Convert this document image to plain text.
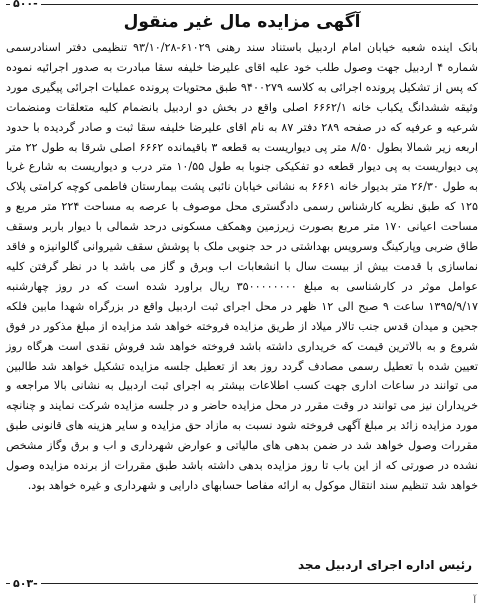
-۵۰۰
آگهی مزایده مال غیر منقول

بانک اینده شعبه خیابان امام اردبیل باستناد سند رهنی ۶۱۰۲۹-۹۳/۱۰/۲۸ تنظیمی دفتر اسنادرسمی شماره ۴ اردبیل جهت وصول طلب خود علیه اقای علیرضا خلیفه سقا مبادرت به صدور اجرائیه نموده که پس از تشکیل پرونده اجرائی به کلاسه ۹۴۰۰۲۷۹ طبق محتویات پرونده عملیات اجرائی پیگیری مورد وثیقه ششدانگ یکباب خانه ۶۶۶۲/۱ اصلی واقع در بخش دو اردبیل بانضمام کلیه متعلقات ومنضمات شرعیه و عرفیه که در صفحه ۲۸۹ دفتر ۸۷ به نام اقای علیرضا خلیفه سقا ثبت و صادر گردیده با حدود اربعه زیر شمالا بطول ۸/۵۰ متر پی دیواریست به قطعه ۳ باقیمانده ۶۶۶۲ اصلی شرقا به طول ۲۲ متر پی دیواریست به پی دیوار قطعه دو تفکیکی جنوبا به طول ۱۰/۵۵ متر درب و دیواریست به شارع غربا به طول ۲۶/۳۰ متر بدیوار خانه ۶۶۶۱ به نشانی خیابان نائبی پشت بیمارستان فاطمی کوچه کرامتی پلاک ۱۲۵ که طبق نظریه کارشناس رسمی دادگستری محل موصوف با عرصه به مساحت ۲۲۴ متر مربع و مساحت اعیانی ۱۷۰ متر مربع بصورت زیرزمین وهمکف مسکونی درحد شمالی با دیوار باربر وسقف طاق ضربی وپارکینگ وسرویس بهداشتی در حد جنوبی ملک با پوشش سقف شیروانی گالوانیزه و فاقد نماسازی با قدمت بیش از بیست سال با انشعابات اب وبرق و گاز می باشد با در نظر گرفتن کلیه عوامل موثر در کارشناسی به مبلغ ۳۵۰۰۰۰۰۰۰۰ ریال براورد شده است که در روز چهارشنبه ۱۳۹۵/۹/۱۷ ساعت ۹ صبح الی ۱۲ ظهر در محل اجرای ثبت اردبیل واقع در بزرگراه شهدا مابین فلکه جحین و میدان قدس جنب تالار میلاد از طریق مزایده فروخته خواهد شد مزایده از مبلغ مذکور در فوق شروع و به بالاترین قیمت که خریداری داشته باشد فروخته خواهد شد فروش نقدی است هرگاه روز تعیین شده با تعطیل رسمی مصادف گردد روز بعد از تعطیل جلسه مزایده تشکیل خواهد شد طالبین می توانند در ساعات اداری جهت کسب اطلاعات بیشتر به اجرای ثبت اردبیل به نشانی بالا مراجعه و خریداران نیز می توانند در وقت مقرر در محل مزایده حاضر و در جلسه مزایده شرکت نمایند و چنانچه مورد مزایده زائد بر مبلغ آگهی فروخته شود نسبت به مازاد حق مزایده و سایر هزینه های قانونی طبق مقررات وصول خواهد شد در ضمن بدهی های مالیاتی و عوارض شهرداری و اب و برق وگاز مشخص نشده در صورتی که از این باب تا روز مزایده بدهی داشته باشد طبق مقررات از برنده مزایده وصول خواهد شد تنظیم سند انتقال موکول به ارائه مفاصا حسابهای دارایی و شهرداری و غیره خواهد بود.

رئیس اداره اجرای اردبیل مجد
-۵۰۳
آ
